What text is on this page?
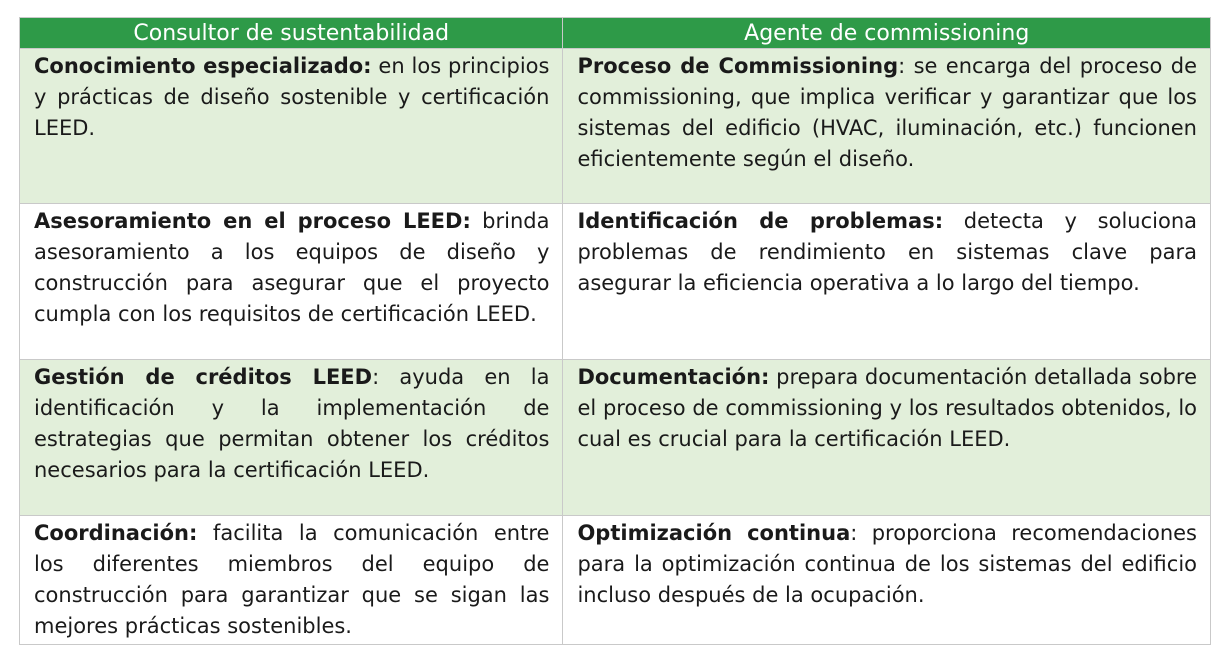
Consultor de sustentabilidad	Agente de commissioning
Conocimiento especializado: en los principios y prácticas de diseño sostenible y certificación LEED.	Proceso de Commissioning: se encarga del proceso de commissioning, que implica verificar y garantizar que los sistemas del edificio (HVAC, iluminación, etc.) funcionen eficientemente según el diseño.
Asesoramiento en el proceso LEED: brinda asesoramiento a los equipos de diseño y construcción para asegurar que el proyecto cumpla con los requisitos de certificación LEED.	Identificación de problemas: detecta y soluciona problemas de rendimiento en sistemas clave para asegurar la eficiencia operativa a lo largo del tiempo.
Gestión de créditos LEED: ayuda en la identificación y la implementación de estrategias que permitan obtener los créditos necesarios para la certificación LEED.	Documentación: prepara documentación detallada sobre el proceso de commissioning y los resultados obtenidos, lo cual es crucial para la certificación LEED.
Coordinación: facilita la comunicación entre los diferentes miembros del equipo de construcción para garantizar que se sigan las mejores prácticas sostenibles.	Optimización continua: proporciona recomendaciones para la optimización continua de los sistemas del edificio incluso después de la ocupación.
